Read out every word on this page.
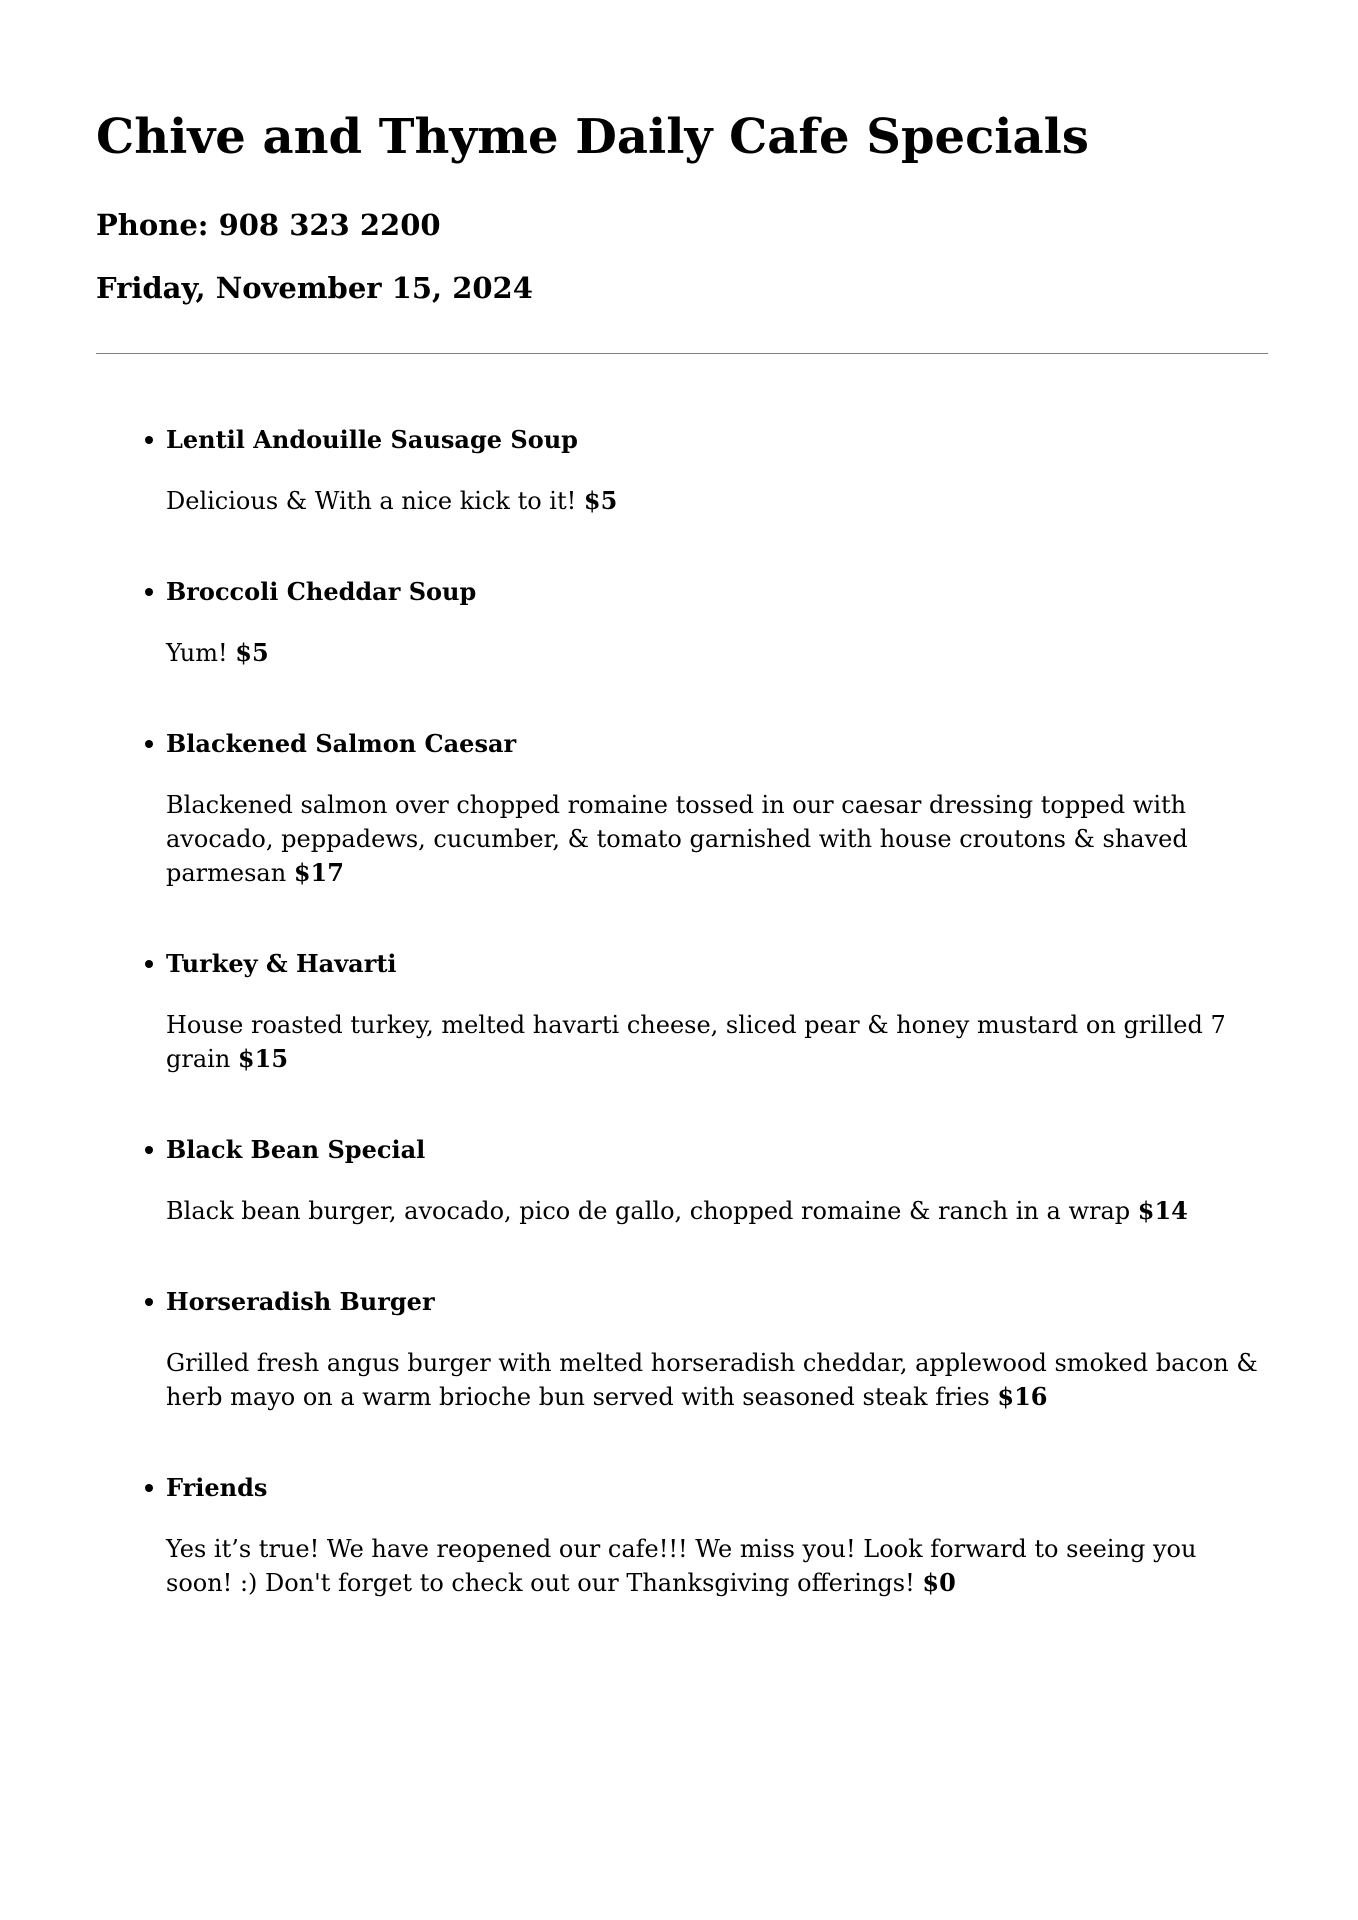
Chive and Thyme Daily Cafe Specials
Phone: 908 323 2200
Friday, November 15, 2024
Lentil Andouille Sausage Soup

Delicious & With a nice kick to it! $5

Broccoli Cheddar Soup

Yum! $5

Blackened Salmon Caesar

Blackened salmon over chopped romaine tossed in our caesar dressing topped with avocado, peppadews, cucumber, & tomato garnished with house croutons & shaved parmesan $17

Turkey & Havarti

House roasted turkey, melted havarti cheese, sliced pear & honey mustard on grilled 7 grain $15

Black Bean Special

Black bean burger, avocado, pico de gallo, chopped romaine & ranch in a wrap $14

Horseradish Burger

Grilled fresh angus burger with melted horseradish cheddar, applewood smoked bacon & herb mayo on a warm brioche bun served with seasoned steak fries $16

Friends

Yes it’s true! We have reopened our cafe!!! We miss you! Look forward to seeing you soon! :) Don't forget to check out our Thanksgiving offerings! $0
